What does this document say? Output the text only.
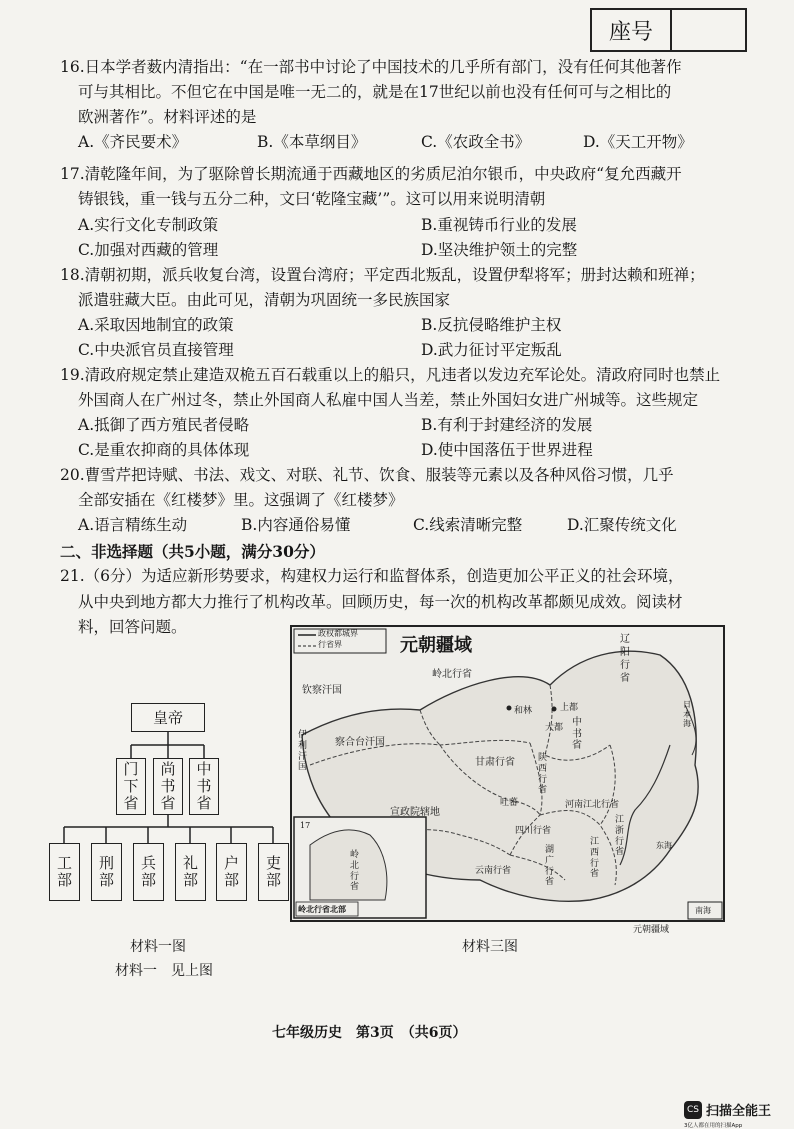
座号
16.日本学者薮内清指出：“在一部书中讨论了中国技术的几乎所有部门，没有任何其他著作
可与其相比。不但它在中国是唯一无二的，就是在17世纪以前也没有任何可与之相比的
欧洲著作”。材料评述的是
A.《齐民要术》	B.《本草纲目》	C.《农政全书》	D.《天工开物》
17.清乾隆年间，为了驱除曾长期流通于西藏地区的劣质尼泊尔银币，中央政府“复允西藏开
铸银钱，重一钱与五分二种，文曰‘乾隆宝藏’”。这可以用来说明清朝
A.实行文化专制政策	B.重视铸币行业的发展
C.加强对西藏的管理	D.坚决维护领土的完整
18.清朝初期，派兵收复台湾，设置台湾府；平定西北叛乱，设置伊犁将军；册封达赖和班禅；
派遣驻藏大臣。由此可见，清朝为巩固统一多民族国家
A.采取因地制宜的政策	B.反抗侵略维护主权
C.中央派官员直接管理	D.武力征讨平定叛乱
19.清政府规定禁止建造双桅五百石载重以上的船只，凡违者以发边充军论处。清政府同时也禁止
外国商人在广州过冬，禁止外国商人私雇中国人当差，禁止外国妇女进广州城等。这些规定
A.抵御了西方殖民者侵略	B.有利于封建经济的发展
C.是重农抑商的具体体现	D.使中国落伍于世界进程
20.曹雪芹把诗赋、书法、戏文、对联、礼节、饮食、服装等元素以及各种风俗习惯，几乎
全部安插在《红楼梦》里。这强调了《红楼梦》
A.语言精练生动	B.内容通俗易懂	C.线索清晰完整	D.汇聚传统文化
二、非选择题（共5小题，满分30分）
21.（6分）为适应新形势要求，构建权力运行和监督体系，创造更加公平正义的社会环境，
从中央到地方都大力推行了机构改革。回顾历史，每一次的机构改革都颇见成效。阅读材
料，回答问题。
皇帝
门下省
尚书省
中书省
工部
刑部
兵部
礼部
户部
吏部
材料一图
材料一　见上图
政权都城界
行省界	元朝疆域
钦察汗国
岭北行省
和林
辽阳行省
察合台汗国
伊利汗国
上都
甘肃行省
中书省
大都
陕西行省
吐蕃
宣政院辖地
河南江北行省
四川行省
江浙行省
湖广行省
江西行省
云南行省
日本海
东海
17
岭北行省
岭北行省北部	南海
元朝疆域
材料三图
七年级历史　第3页　（共6页）
CS 扫描全能王
3亿人都在用的扫描App
